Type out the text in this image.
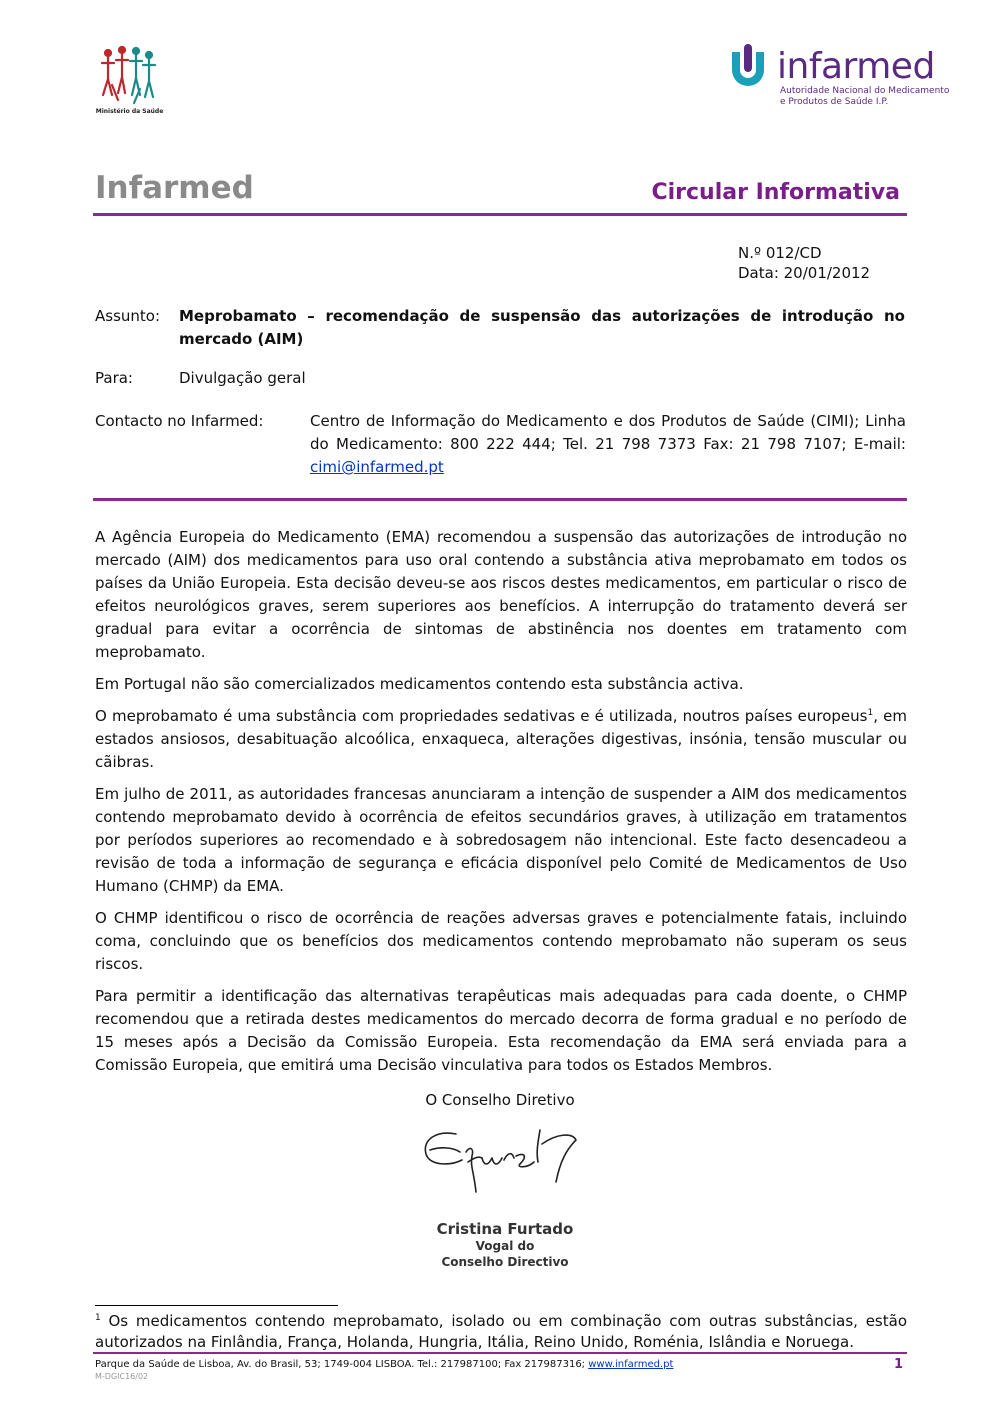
Ministério da Saúde
infarmed
Autoridade Nacional do Medicamento
e Produtos de Saúde I.P.
Infarmed	Circular Informativa
N.º 012/CD
Data: 20/01/2012
Assunto: Meprobamato – recomendação de suspensão das autorizações de introdução no mercado (AIM)
Para:	Divulgação geral
Contacto no Infarmed:	Centro de Informação do Medicamento e dos Produtos de Saúde (CIMI); Linha do Medicamento: 800 222 444; Tel. 21 798 7373 Fax: 21 798 7107; E-mail: cimi@infarmed.pt

A Agência Europeia do Medicamento (EMA) recomendou a suspensão das autorizações de introdução no mercado (AIM) dos medicamentos para uso oral contendo a substância ativa meprobamato em todos os países da União Europeia. Esta decisão deveu-se aos riscos destes medicamentos, em particular o risco de efeitos neurológicos graves, serem superiores aos benefícios. A interrupção do tratamento deverá ser gradual para evitar a ocorrência de sintomas de abstinência nos doentes em tratamento com meprobamato.

Em Portugal não são comercializados medicamentos contendo esta substância activa.

O meprobamato é uma substância com propriedades sedativas e é utilizada, noutros países europeus$^1$, em estados ansiosos, desabituação alcoólica, enxaqueca, alterações digestivas, insónia, tensão muscular ou cãibras.

Em julho de 2011, as autoridades francesas anunciaram a intenção de suspender a AIM dos medicamentos contendo meprobamato devido à ocorrência de efeitos secundários graves, à utilização em tratamentos por períodos superiores ao recomendado e à sobredosagem não intencional. Este facto desencadeou a revisão de toda a informação de segurança e eficácia disponível pelo Comité de Medicamentos de Uso Humano (CHMP) da EMA.

O CHMP identificou o risco de ocorrência de reações adversas graves e potencialmente fatais, incluindo coma, concluindo que os benefícios dos medicamentos contendo meprobamato não superam os seus riscos.

Para permitir a identificação das alternativas terapêuticas mais adequadas para cada doente, o CHMP recomendou que a retirada destes medicamentos do mercado decorra de forma gradual e no período de 15 meses após a Decisão da Comissão Europeia. Esta recomendação da EMA será enviada para a Comissão Europeia, que emitirá uma Decisão vinculativa para todos os Estados Membros.

O Conselho Diretivo
Cristina Furtado
Vogal do
Conselho Directivo
$^1$ Os medicamentos contendo meprobamato, isolado ou em combinação com outras substâncias, estão autorizados na Finlândia, França, Holanda, Hungria, Itália, Reino Unido, Roménia, Islândia e Noruega.
Parque da Saúde de Lisboa, Av. do Brasil, 53; 1749-004 LISBOA. Tel.: 217987100; Fax 217987316; www.infarmed.pt	1
M-DGIC16/02
